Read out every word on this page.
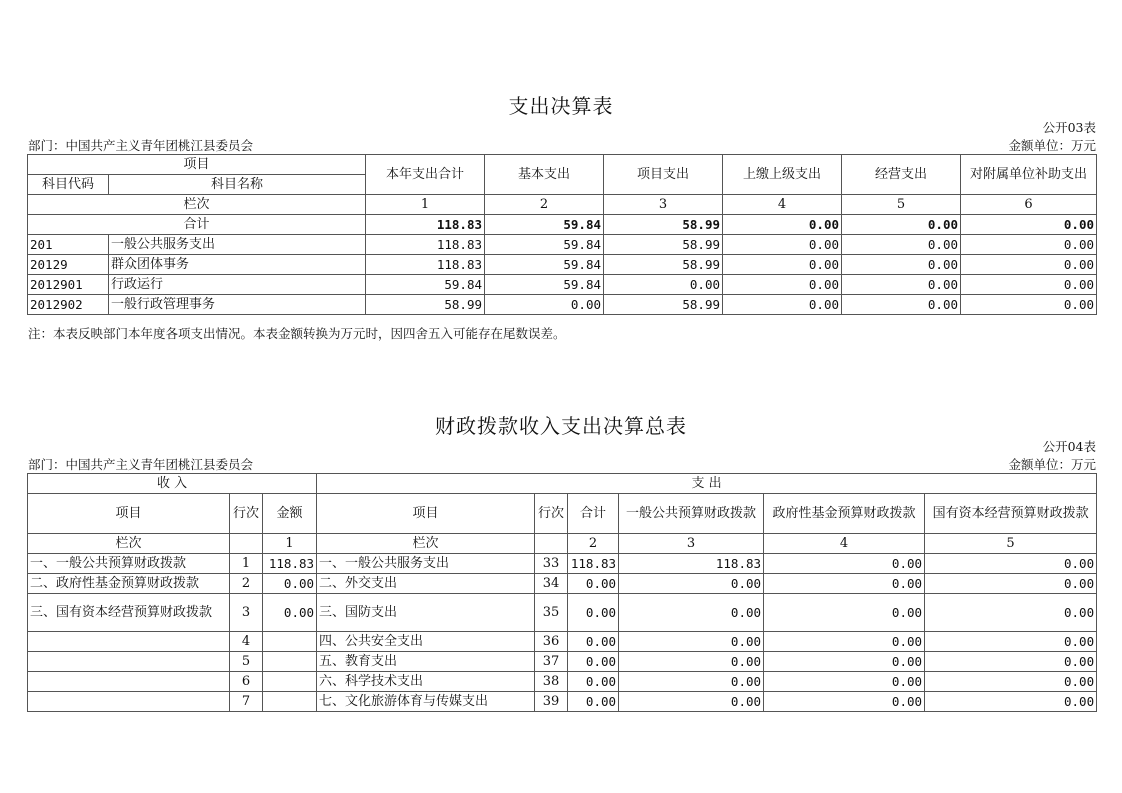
支出决算表
公开03表
部门：中国共产主义青年团桃江县委员会	金额单位：万元
项目		本年支出合计	基本支出	项目支出	上缴上级支出	经营支出	对附属单位补助支出
科目代码	科目名称						
栏次		1	2	3	4	5	6
合计		118.83	59.84	58.99	0.00	0.00	0.00
201	一般公共服务支出	118.83	59.84	58.99	0.00	0.00	0.00
20129	群众团体事务	118.83	59.84	58.99	0.00	0.00	0.00
2012901	行政运行	59.84	59.84	0.00	0.00	0.00	0.00
2012902	一般行政管理事务	58.99	0.00	58.99	0.00	0.00	0.00
注：本表反映部门本年度各项支出情况。本表金额转换为万元时，因四舍五入可能存在尾数误差。
财政拨款收入支出决算总表
公开04表
部门：中国共产主义青年团桃江县委员会	金额单位：万元
收 入			支 出					
项目	行次	金额	项目	行次	合计	一般公共预算财政拨款	政府性基金预算财政拨款	国有资本经营预算财政拨款
栏次		1	栏次		2	3	4	5
一、一般公共预算财政拨款	1	118.83	一、一般公共服务支出	33	118.83	118.83	0.00	0.00
二、政府性基金预算财政拨款	2	0.00	二、外交支出	34	0.00	0.00	0.00	0.00
三、国有资本经营预算财政拨款	3	0.00	三、国防支出	35	0.00	0.00	0.00	0.00
	4		四、公共安全支出	36	0.00	0.00	0.00	0.00
	5		五、教育支出	37	0.00	0.00	0.00	0.00
	6		六、科学技术支出	38	0.00	0.00	0.00	0.00
	7		七、文化旅游体育与传媒支出	39	0.00	0.00	0.00	0.00
